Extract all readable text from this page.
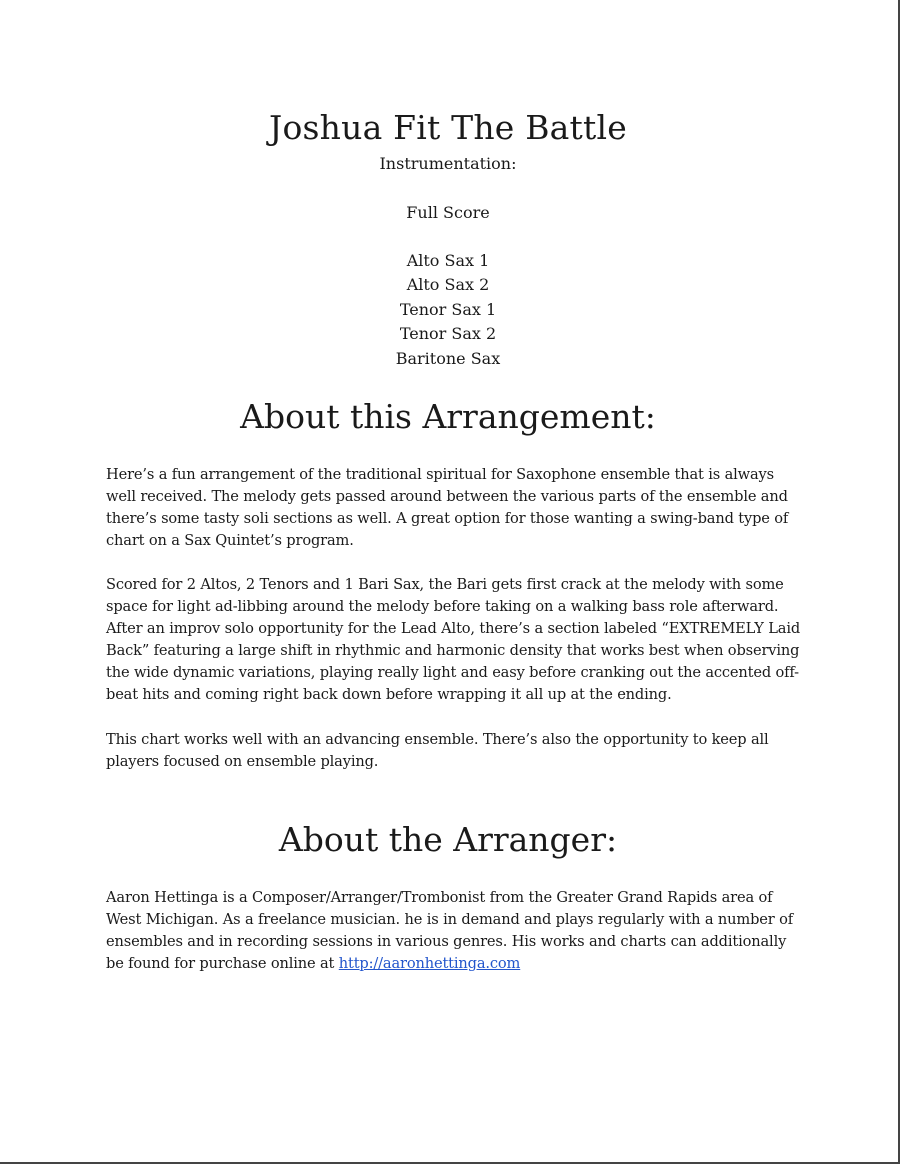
Joshua Fit The Battle

Instrumentation:

Full Score

Alto Sax 1
Alto Sax 2
Tenor Sax 1
Tenor Sax 2
Baritone Sax
About this Arrangement:

Here’s a fun arrangement of the traditional spiritual for Saxophone ensemble that is always well received. The melody gets passed around between the various parts of the ensemble and there’s some tasty soli sections as well. A great option for those wanting a swing-band type of chart on a Sax Quintet’s program.

Scored for 2 Altos, 2 Tenors and 1 Bari Sax, the Bari gets first crack at the melody with some space for light ad-libbing around the melody before taking on a walking bass role afterward. After an improv solo opportunity for the Lead Alto, there’s a section labeled “EXTREMELY Laid Back” featuring a large shift in rhythmic and harmonic density that works best when observing the wide dynamic variations, playing really light and easy before cranking out the accented off-beat hits and coming right back down before wrapping it all up at the ending.

This chart works well with an advancing ensemble. There’s also the opportunity to keep all players focused on ensemble playing.

About the Arranger:

Aaron Hettinga is a Composer/Arranger/Trombonist from the Greater Grand Rapids area of West Michigan. As a freelance musician. he is in demand and plays regularly with a number of ensembles and in recording sessions in various genres. His works and charts can additionally be found for purchase online at http://aaronhettinga.com
